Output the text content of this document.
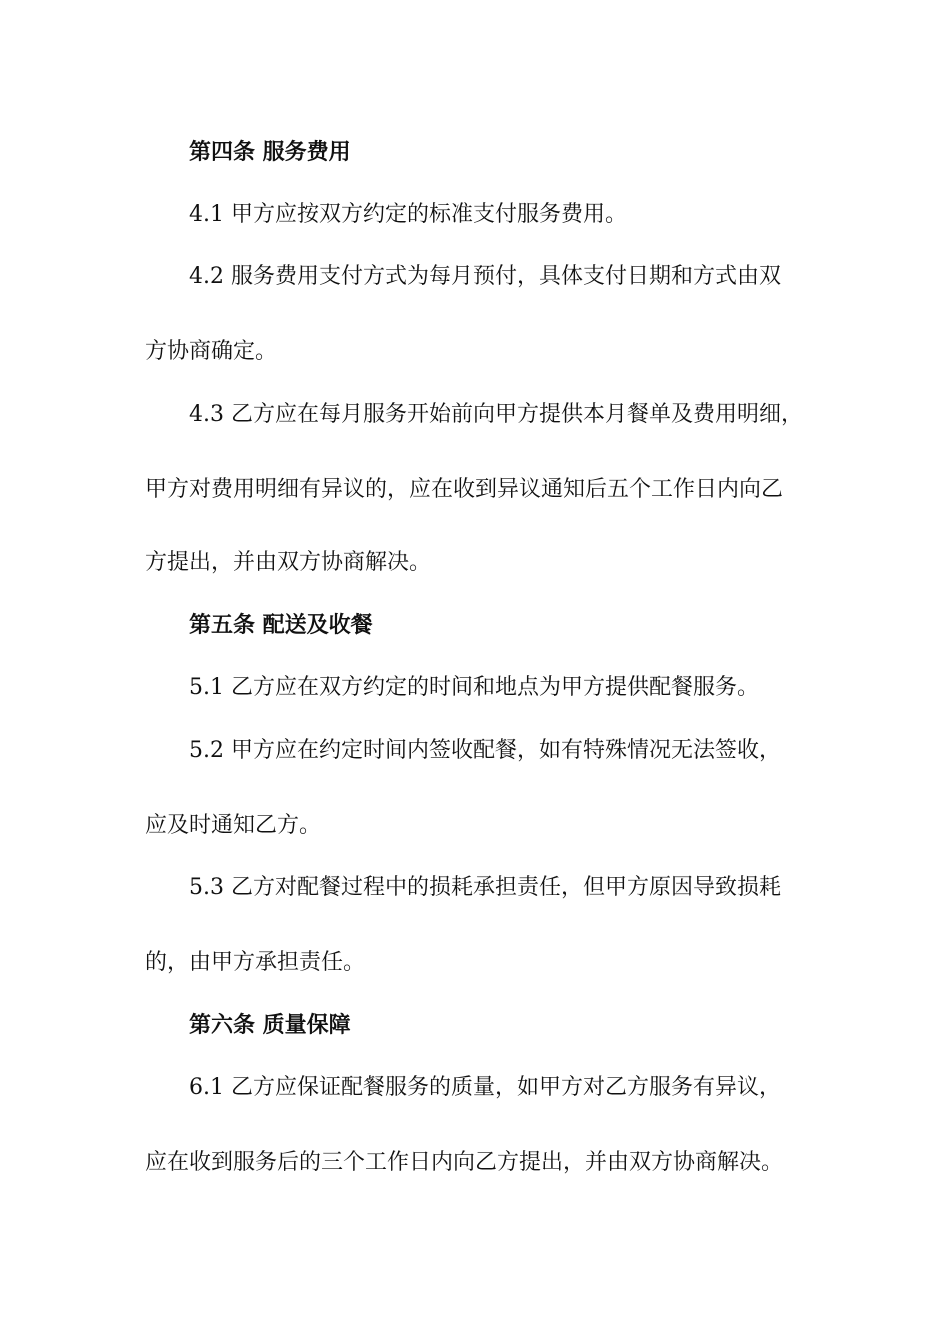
第四条 服务费用
4.1 甲方应按双方约定的标准支付服务费用。
4.2 服务费用支付方式为每月预付，具体支付日期和方式由双
方协商确定。
4.3 乙方应在每月服务开始前向甲方提供本月餐单及费用明细，
甲方对费用明细有异议的，应在收到异议通知后五个工作日内向乙
方提出，并由双方协商解决。
第五条 配送及收餐
5.1 乙方应在双方约定的时间和地点为甲方提供配餐服务。
5.2 甲方应在约定时间内签收配餐，如有特殊情况无法签收，
应及时通知乙方。
5.3 乙方对配餐过程中的损耗承担责任，但甲方原因导致损耗
的，由甲方承担责任。
第六条 质量保障
6.1 乙方应保证配餐服务的质量，如甲方对乙方服务有异议，
应在收到服务后的三个工作日内向乙方提出，并由双方协商解决。
